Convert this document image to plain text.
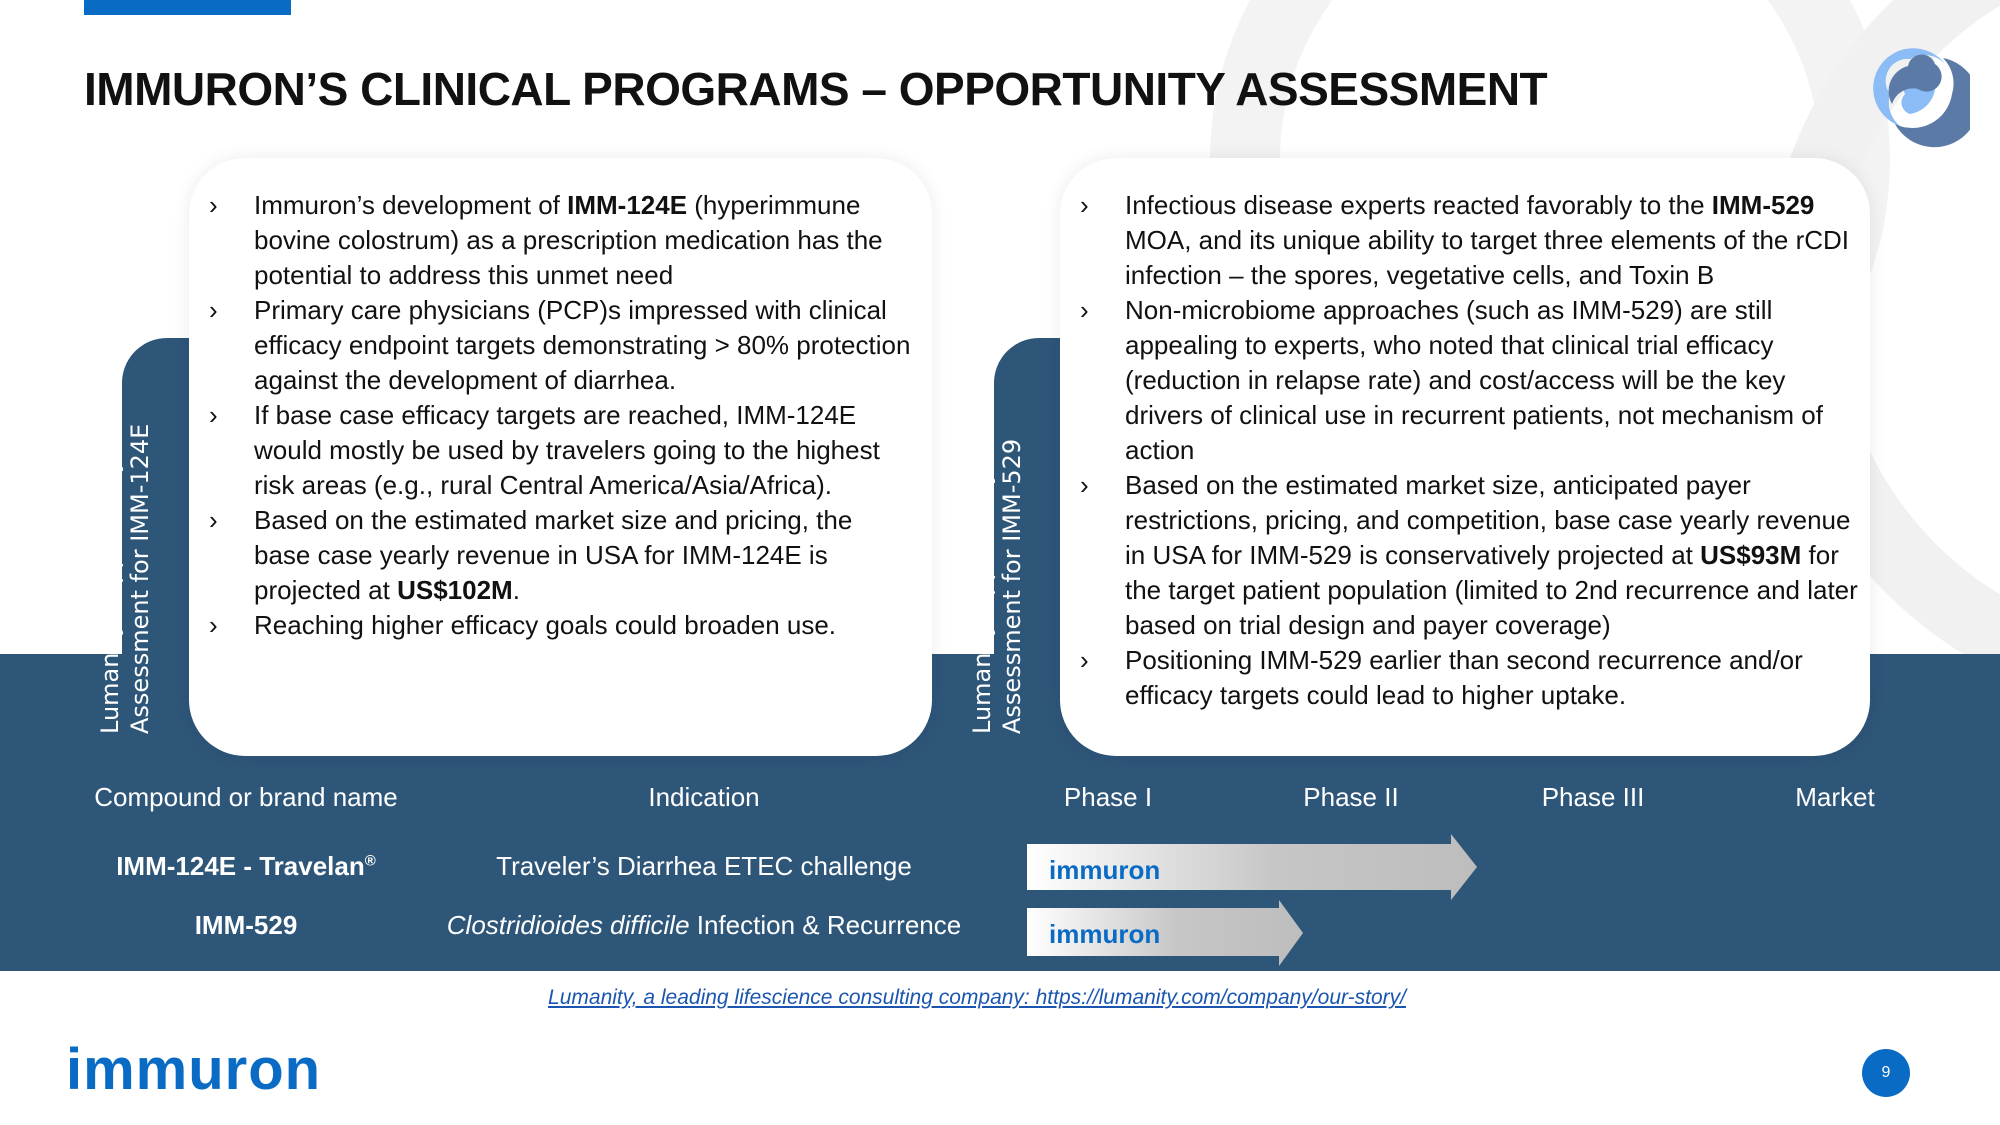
IMMURON’S CLINICAL PROGRAMS – OPPORTUNITY ASSESSMENT
Lumanity* Opportunity Assessment for IMM-124E	Lumanity Opportunity Assessment for IMM-529
› Immuron’s development of IMM-124E (hyperimmune bovine colostrum) as a prescription medication has the potential to address this unmet need
› Primary care physicians (PCP)s impressed with clinical efficacy endpoint targets demonstrating > 80% protection against the development of diarrhea.
› If base case efficacy targets are reached, IMM-124E would mostly be used by travelers going to the highest risk areas (e.g., rural Central America/Asia/Africa).
› Based on the estimated market size and pricing, the base case yearly revenue in USA for IMM-124E is projected at US$102M.
› Reaching higher efficacy goals could broaden use.
› Infectious disease experts reacted favorably to the IMM-529 MOA, and its unique ability to target three elements of the rCDI infection – the spores, vegetative cells, and Toxin B
› Non-microbiome approaches (such as IMM-529) are still appealing to experts, who noted that clinical trial efficacy (reduction in relapse rate) and cost/access will be the key drivers of clinical use in recurrent patients, not mechanism of action
› Based on the estimated market size, anticipated payer restrictions, pricing, and competition, base case yearly revenue in USA for IMM-529 is conservatively projected at US$93M for the target patient population (limited to 2nd recurrence and later based on trial design and payer coverage)
› Positioning IMM-529 earlier than second recurrence and/or efficacy targets could lead to higher uptake.
Compound or brand name	Indication	Phase I	Phase II	Phase III	Market
IMM-124E - Travelan®	Traveler’s Diarrhea ETEC challenge
IMM-529	Clostridioides difficile Infection & Recurrence
immuron
immuron
Lumanity, a leading lifescience consulting company: https://lumanity.com/company/our-story/
immuron	9
